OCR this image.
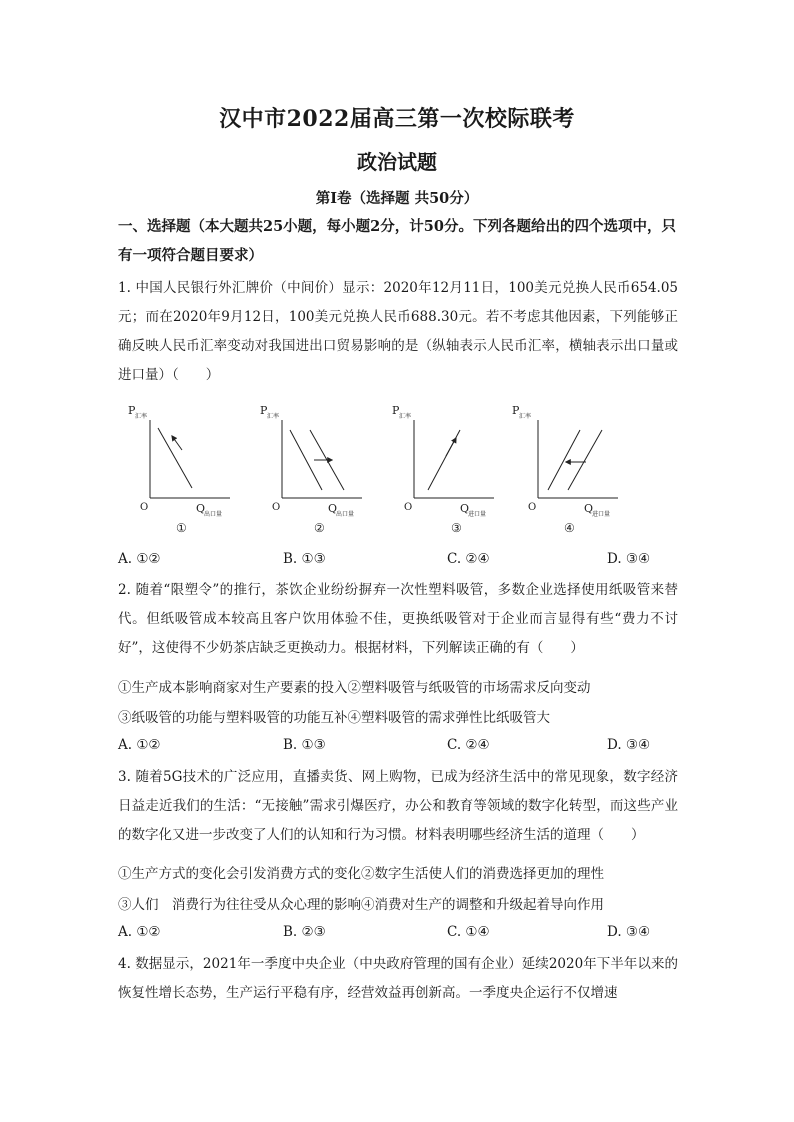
汉中市2022届高三第一次校际联考
政治试题
第Ⅰ卷（选择题 共50分）
一、选择题（本大题共25小题，每小题2分，计50分。下列各题给出的四个选项中，只有一项符合题目要求）
1. 中国人民银行外汇牌价（中间价）显示：2020年12月11日，100美元兑换人民币654.05元；而在2020年9月12日，100美元兑换人民币688.30元。若不考虑其他因素，下列能够正确反映人民币汇率变动对我国进出口贸易影响的是（纵轴表示人民币汇率，横轴表示出口量或进口量）（　　）
P 汇率
O	Q
出口量
①
P 汇率
O	Q
出口量
②
P 汇率
O	Q
进口量
③
P 汇率
O	Q
进口量
④
A. ①②	B. ①③	C. ②④	D. ③④
2. 随着“限塑令”的推行，茶饮企业纷纷摒弃一次性塑料吸管，多数企业选择使用纸吸管来替代。但纸吸管成本较高且客户饮用体验不佳，更换纸吸管对于企业而言显得有些“费力不讨好”，这使得不少奶茶店缺乏更换动力。根据材料，下列解读正确的有（　　）
①生产成本影响商家对生产要素的投入②塑料吸管与纸吸管的市场需求反向变动
③纸吸管的功能与塑料吸管的功能互补④塑料吸管的需求弹性比纸吸管大
A. ①②	B. ①③	C. ②④	D. ③④
3. 随着5G技术的广泛应用，直播卖货、网上购物，已成为经济生活中的常见现象，数字经济日益走近我们的生活：“无接触”需求引爆医疗，办公和教育等领域的数字化转型，而这些产业的数字化又进一步改变了人们的认知和行为习惯。材料表明哪些经济生活的道理（　　）
①生产方式的变化会引发消费方式的变化②数字生活使人们的消费选择更加的理性
③人们　消费行为往往受从众心理的影响④消费对生产的调整和升级起着导向作用
A. ①②	B. ②③	C. ①④	D. ③④
4. 数据显示，2021年一季度中央企业（中央政府管理的国有企业）延续2020年下半年以来的恢复性增长态势，生产运行平稳有序，经营效益再创新高。一季度央企运行不仅增速
